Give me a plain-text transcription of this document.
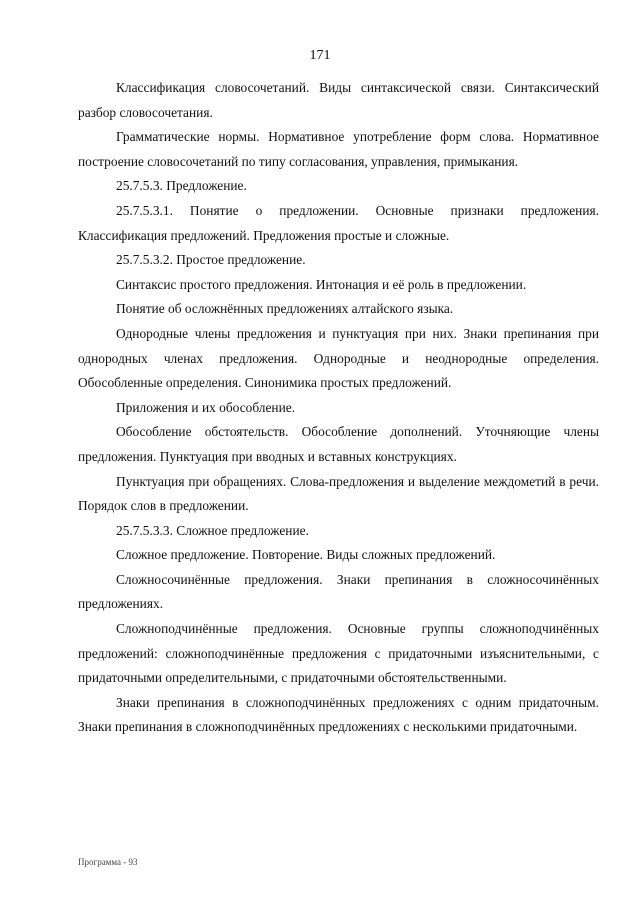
171

Классификация словосочетаний. Виды синтаксической связи. Синтаксический разбор словосочетания.

Грамматические нормы. Нормативное употребление форм слова. Нормативное построение словосочетаний по типу согласования, управления, примыкания.

25.7.5.3. Предложение.

25.7.5.3.1. Понятие о предложении. Основные признаки предложения. Классификация предложений. Предложения простые и сложные.

25.7.5.3.2. Простое предложение.

Синтаксис простого предложения. Интонация и её роль в предложении.

Понятие об осложнённых предложениях алтайского языка.

Однородные члены предложения и пунктуация при них. Знаки препинания при однородных членах предложения. Однородные и неоднородные определения. Обособленные определения. Синонимика простых предложений.

Приложения и их обособление.

Обособление обстоятельств. Обособление дополнений. Уточняющие члены предложения. Пунктуация при вводных и вставных конструкциях.

Пунктуация при обращениях. Слова-предложения и выделение междометий в речи. Порядок слов в предложении.

25.7.5.3.3. Сложное предложение.

Сложное предложение. Повторение. Виды сложных предложений.

Сложносочинённые предложения. Знаки препинания в сложносочинённых предложениях.

Сложноподчинённые предложения. Основные группы сложноподчинённых предложений: сложноподчинённые предложения с придаточными изъяснительными, с придаточными определительными, с придаточными обстоятельственными.

Знаки препинания в сложноподчинённых предложениях с одним придаточным. Знаки препинания в сложноподчинённых предложениях с несколькими придаточными.

Программа - 93
